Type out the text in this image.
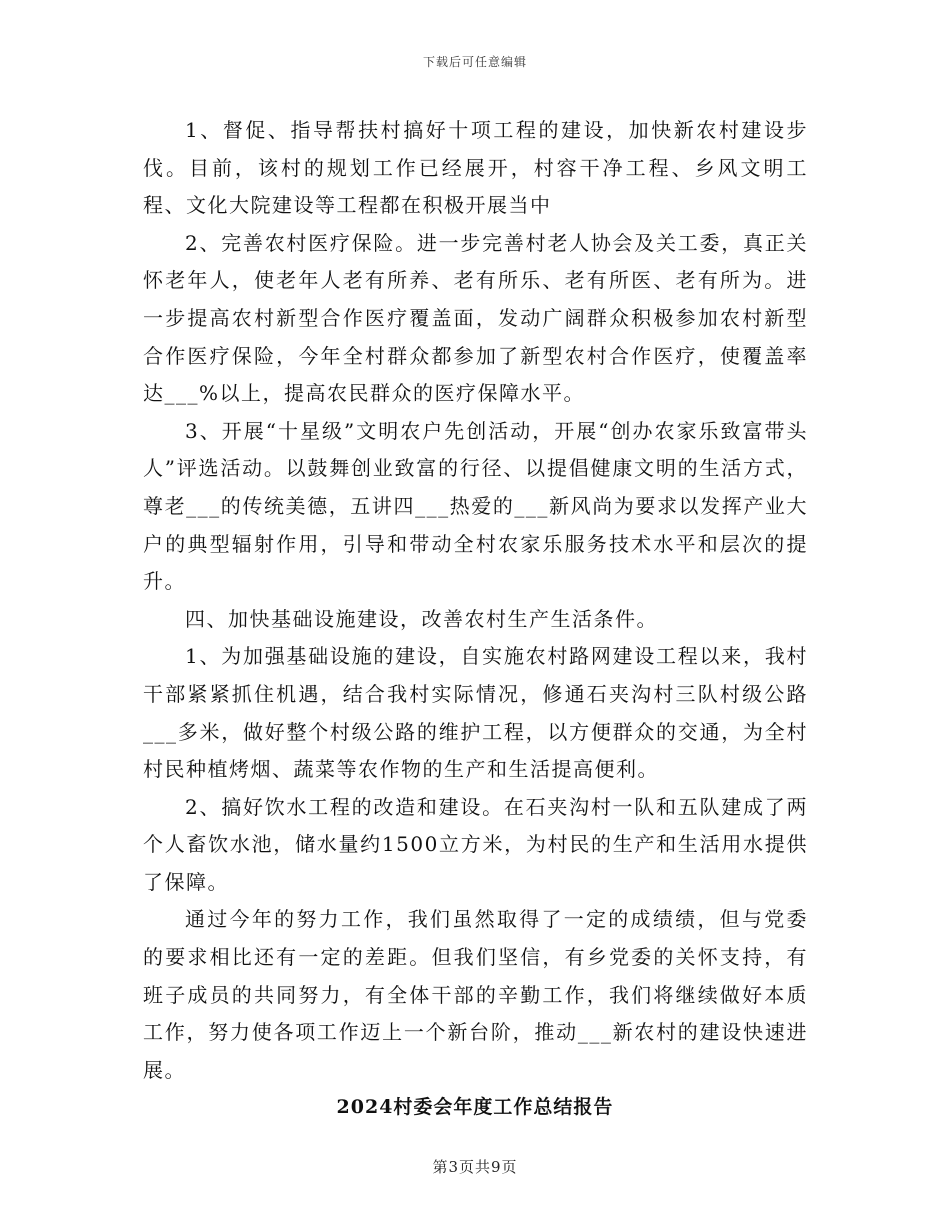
下载后可任意编辑

1、督促、指导帮扶村搞好十项工程的建设，加快新农村建设步伐。目前，该村的规划工作已经展开，村容干净工程、乡风文明工程、文化大院建设等工程都在积极开展当中

2、完善农村医疗保险。进一步完善村老人协会及关工委，真正关怀老年人，使老年人老有所养、老有所乐、老有所医、老有所为。进一步提高农村新型合作医疗覆盖面，发动广阔群众积极参加农村新型合作医疗保险，今年全村群众都参加了新型农村合作医疗，使覆盖率达___%以上，提高农民群众的医疗保障水平。

3、开展“十星级”文明农户先创活动，开展“创办农家乐致富带头人”评选活动。以鼓舞创业致富的行径、以提倡健康文明的生活方式，尊老___的传统美德，五讲四___热爱的___新风尚为要求以发挥产业大户的典型辐射作用，引导和带动全村农家乐服务技术水平和层次的提升。

四、加快基础设施建设，改善农村生产生活条件。

1、为加强基础设施的建设，自实施农村路网建设工程以来，我村干部紧紧抓住机遇，结合我村实际情况，修通石夹沟村三队村级公路___多米，做好整个村级公路的维护工程，以方便群众的交通，为全村村民种植烤烟、蔬菜等农作物的生产和生活提高便利。

2、搞好饮水工程的改造和建设。在石夹沟村一队和五队建成了两个人畜饮水池，储水量约1500立方米，为村民的生产和生活用水提供了保障。

通过今年的努力工作，我们虽然取得了一定的成绩绩，但与党委的要求相比还有一定的差距。但我们坚信，有乡党委的关怀支持，有班子成员的共同努力，有全体干部的辛勤工作，我们将继续做好本质工作，努力使各项工作迈上一个新台阶，推动___新农村的建设快速进展。

2024村委会年度工作总结报告
第3页共9页
